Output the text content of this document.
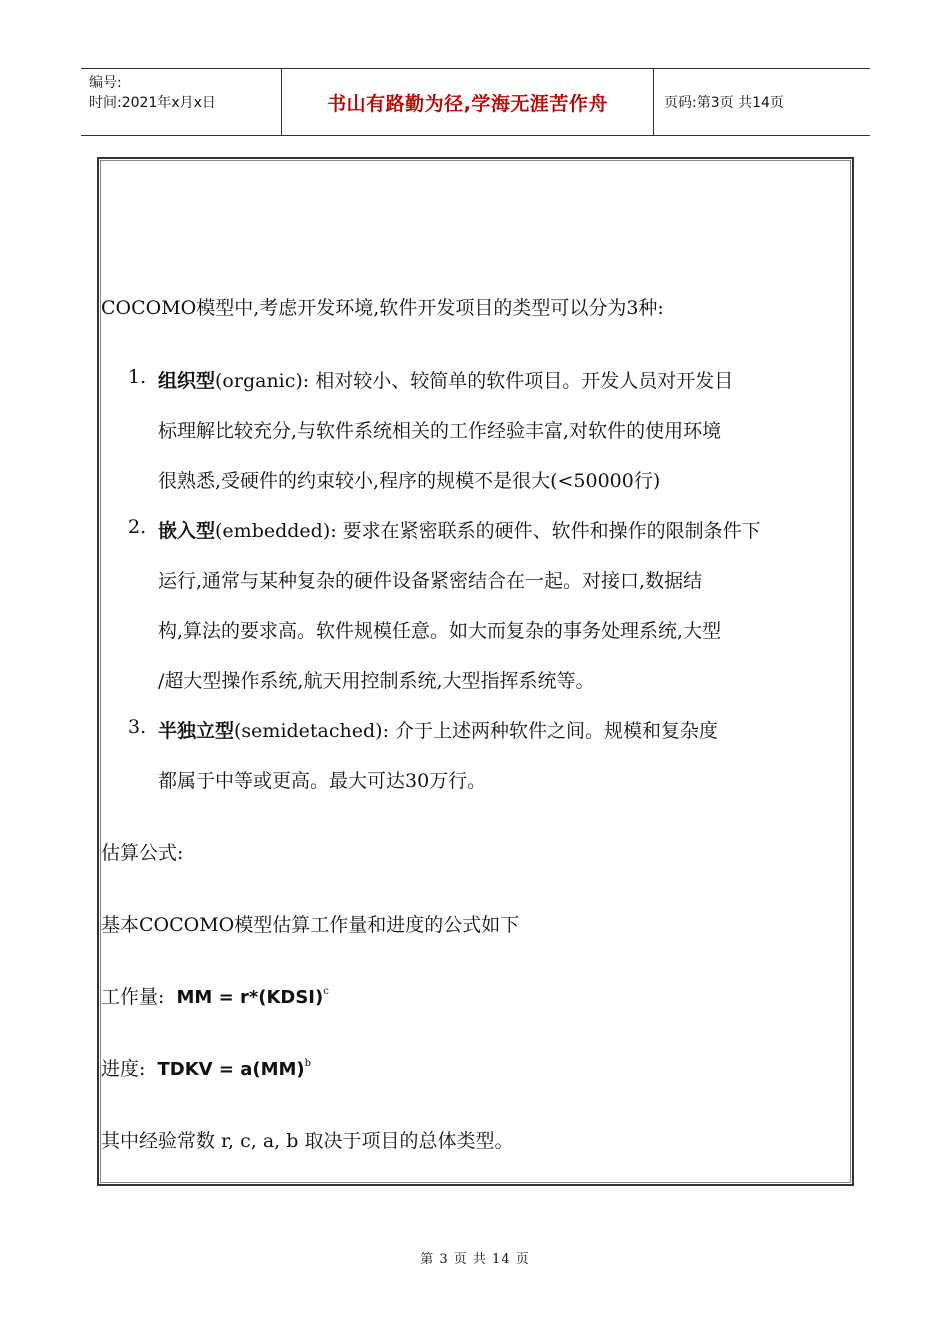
编号:
时间:2021年x月x日	书山有路勤为径,学海无涯苦作舟	页码:第3页 共14页
COCOMO模型中,考虑开发环境,软件开发项目的类型可以分为3种:
1. 组织型(organic): 相对较小、较简单的软件项目。开发人员对开发目
标理解比较充分,与软件系统相关的工作经验丰富,对软件的使用环境
很熟悉,受硬件的约束较小,程序的规模不是很大(<50000行)
2. 嵌入型(embedded): 要求在紧密联系的硬件、软件和操作的限制条件下
运行,通常与某种复杂的硬件设备紧密结合在一起。对接口,数据结
构,算法的要求高。软件规模任意。如大而复杂的事务处理系统,大型
/超大型操作系统,航天用控制系统,大型指挥系统等。
3. 半独立型(semidetached): 介于上述两种软件之间。规模和复杂度
都属于中等或更高。最大可达30万行。
估算公式:
基本COCOMO模型估算工作量和进度的公式如下
工作量: MM = r*(KDSI)$^c$
进度: TDKV = a(MM)$^b$
其中经验常数 r, c, a, b 取决于项目的总体类型。
第 3 页 共 14 页
